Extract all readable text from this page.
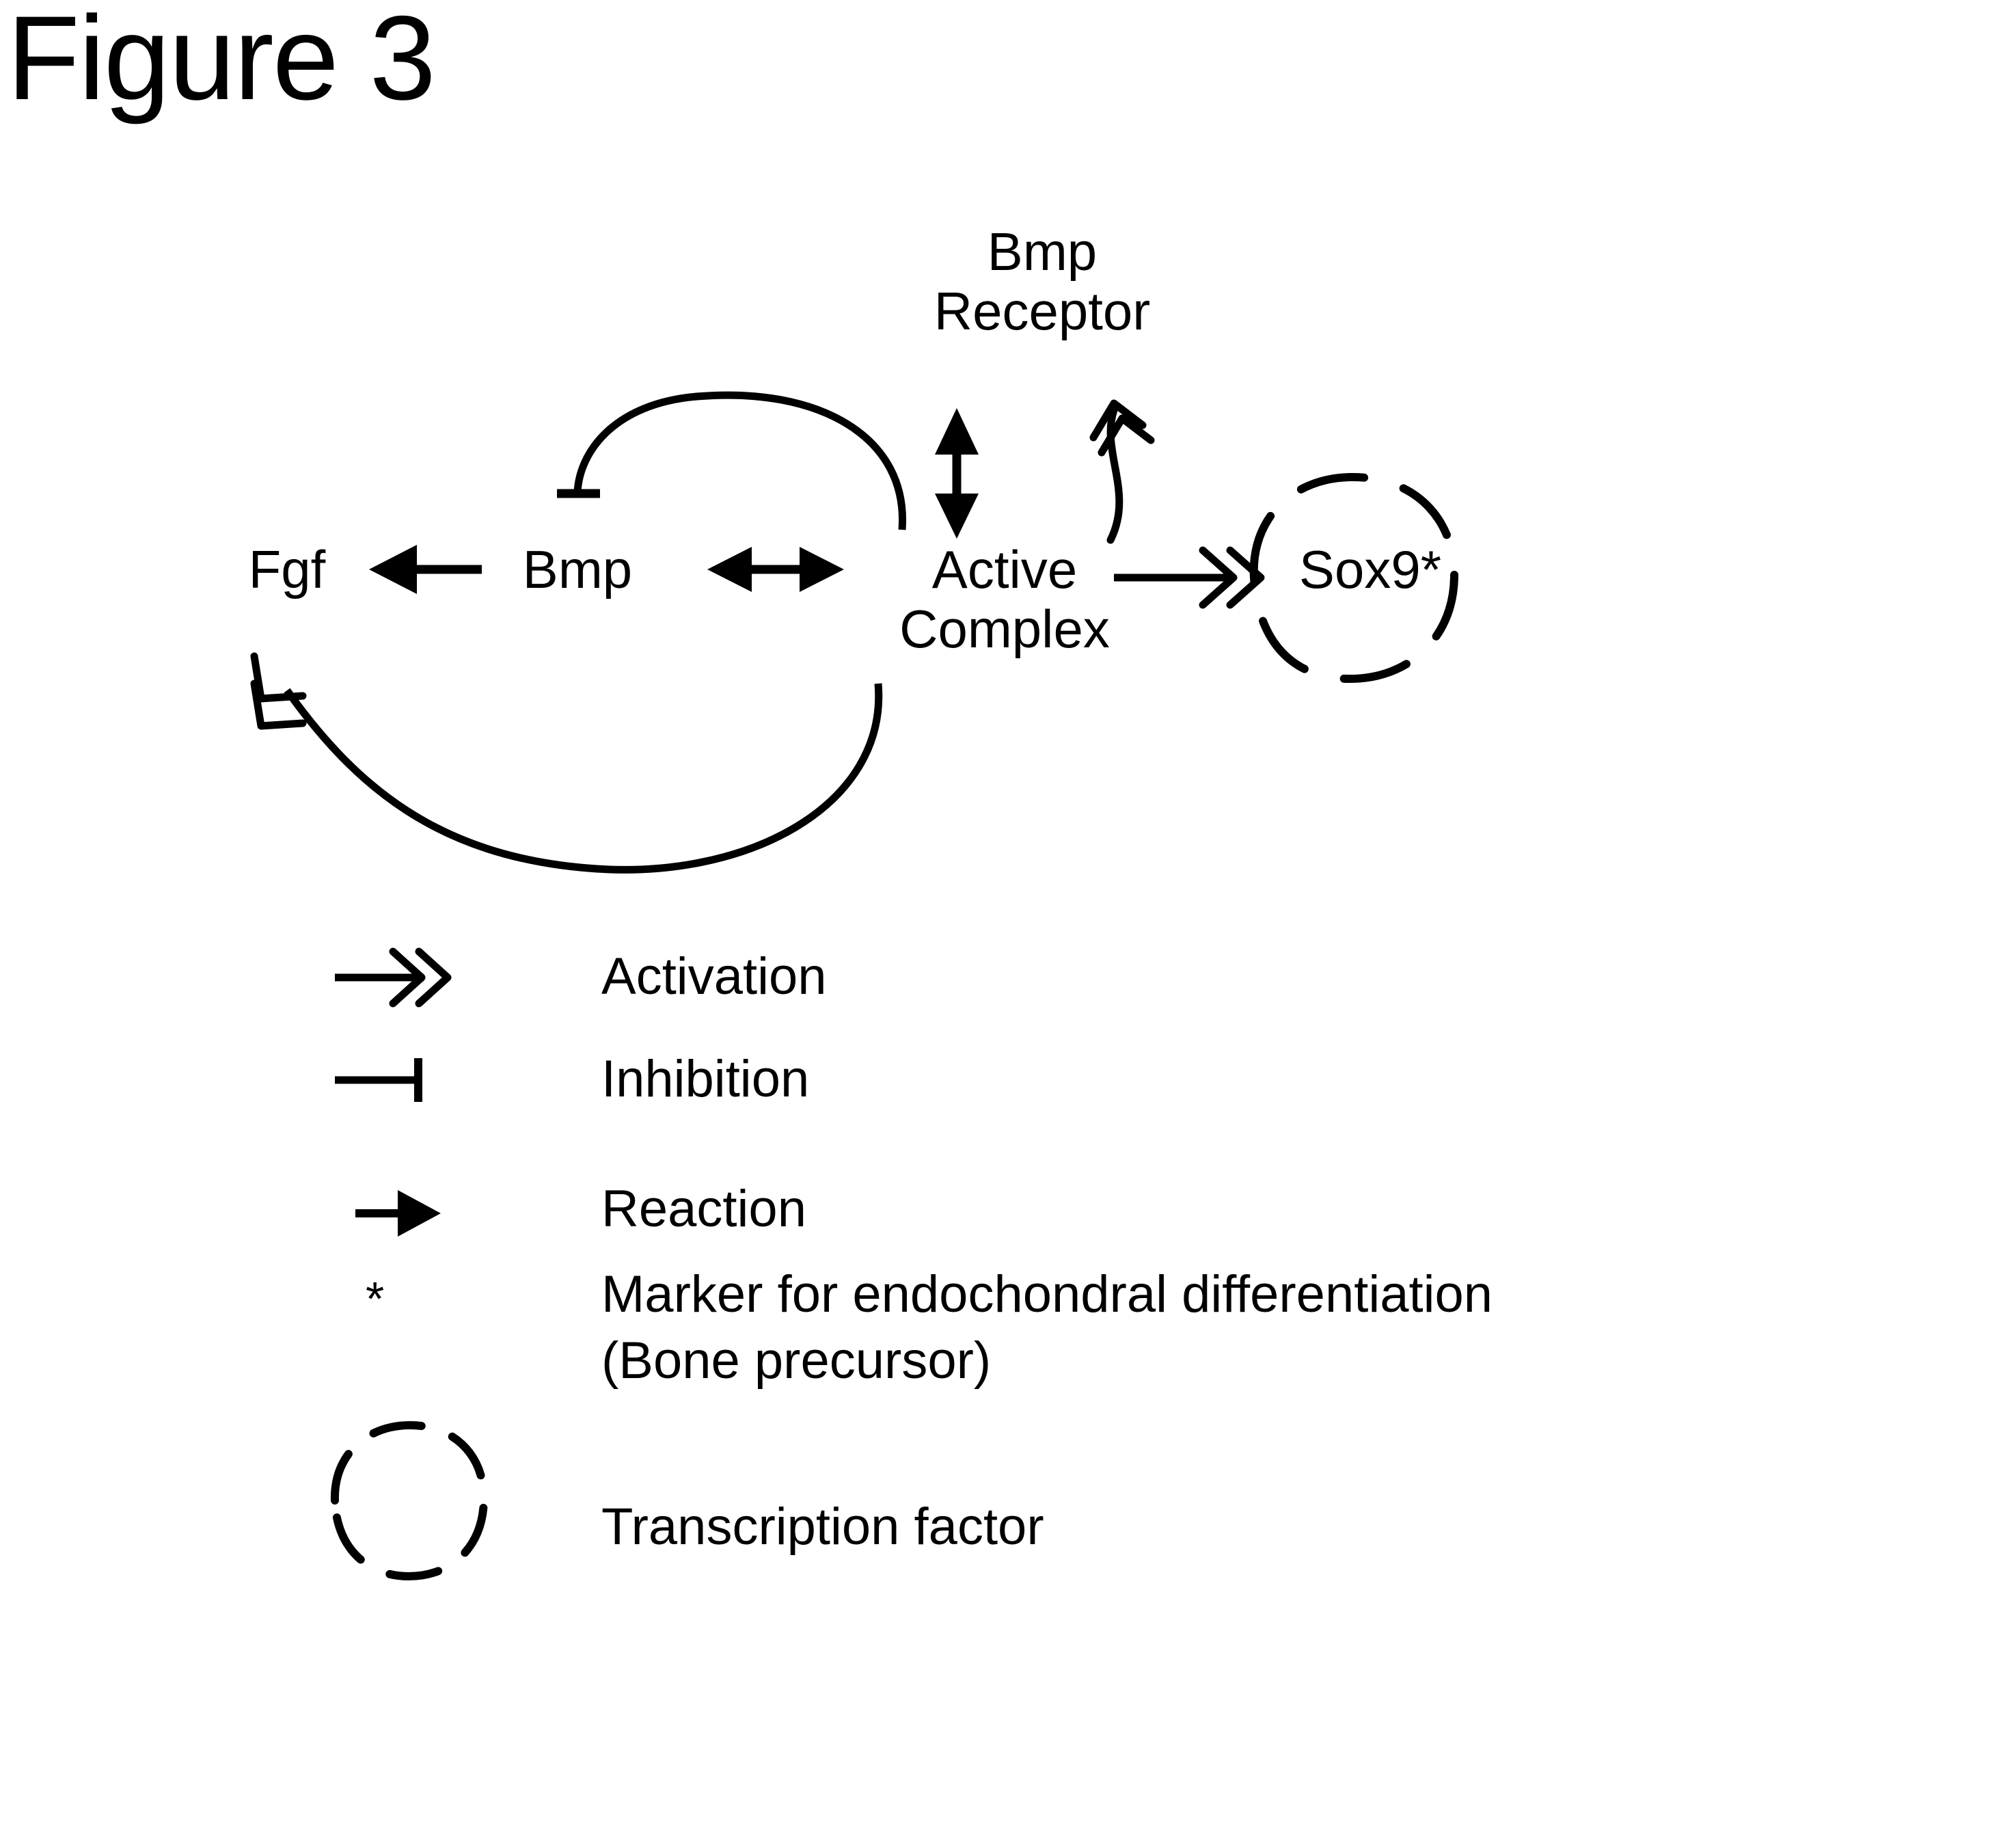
Figure 3
Bmp
Receptor
Fgf	Bmp	Active
Complex
Sox9*
Activation
Inhibition
Reaction
*	Marker for endochondral differentiation (Bone precursor)
Transcription factor
